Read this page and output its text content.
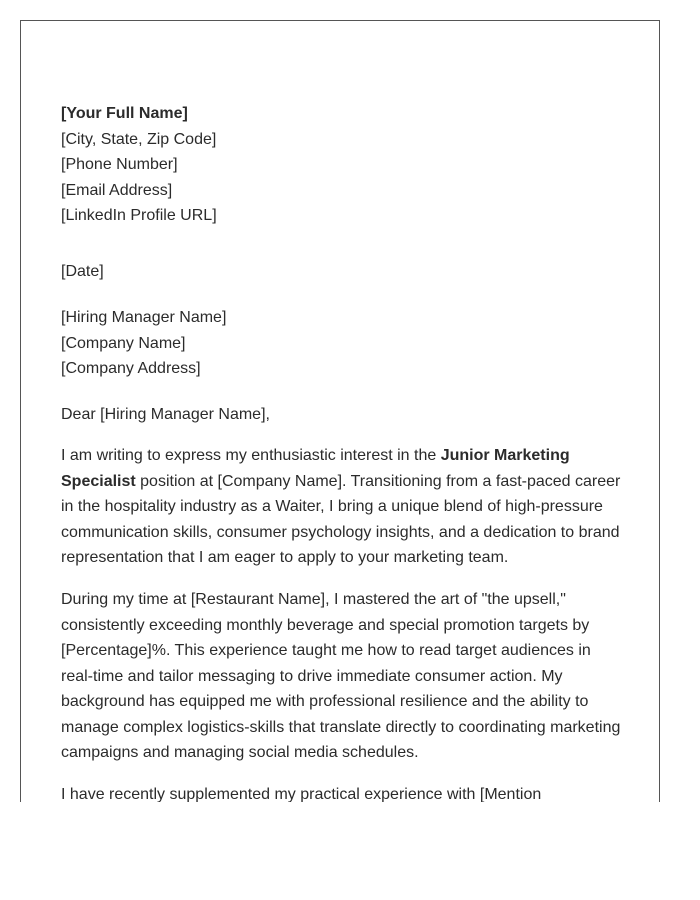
[Your Full Name]
[City, State, Zip Code]
[Phone Number]
[Email Address]
[LinkedIn Profile URL]
[Date]
[Hiring Manager Name]
[Company Name]
[Company Address]
Dear [Hiring Manager Name],

I am writing to express my enthusiastic interest in the Junior Marketing Specialist position at [Company Name]. Transitioning from a fast-paced career in the hospitality industry as a Waiter, I bring a unique blend of high-pressure communication skills, consumer psychology insights, and a dedication to brand representation that I am eager to apply to your marketing team.

During my time at [Restaurant Name], I mastered the art of "the upsell," consistently exceeding monthly beverage and special promotion targets by [Percentage]%. This experience taught me how to read target audiences in real-time and tailor messaging to drive immediate consumer action. My background has equipped me with professional resilience and the ability to manage complex logistics-skills that translate directly to coordinating marketing campaigns and managing social media schedules.

I have recently supplemented my practical experience with [Mention
